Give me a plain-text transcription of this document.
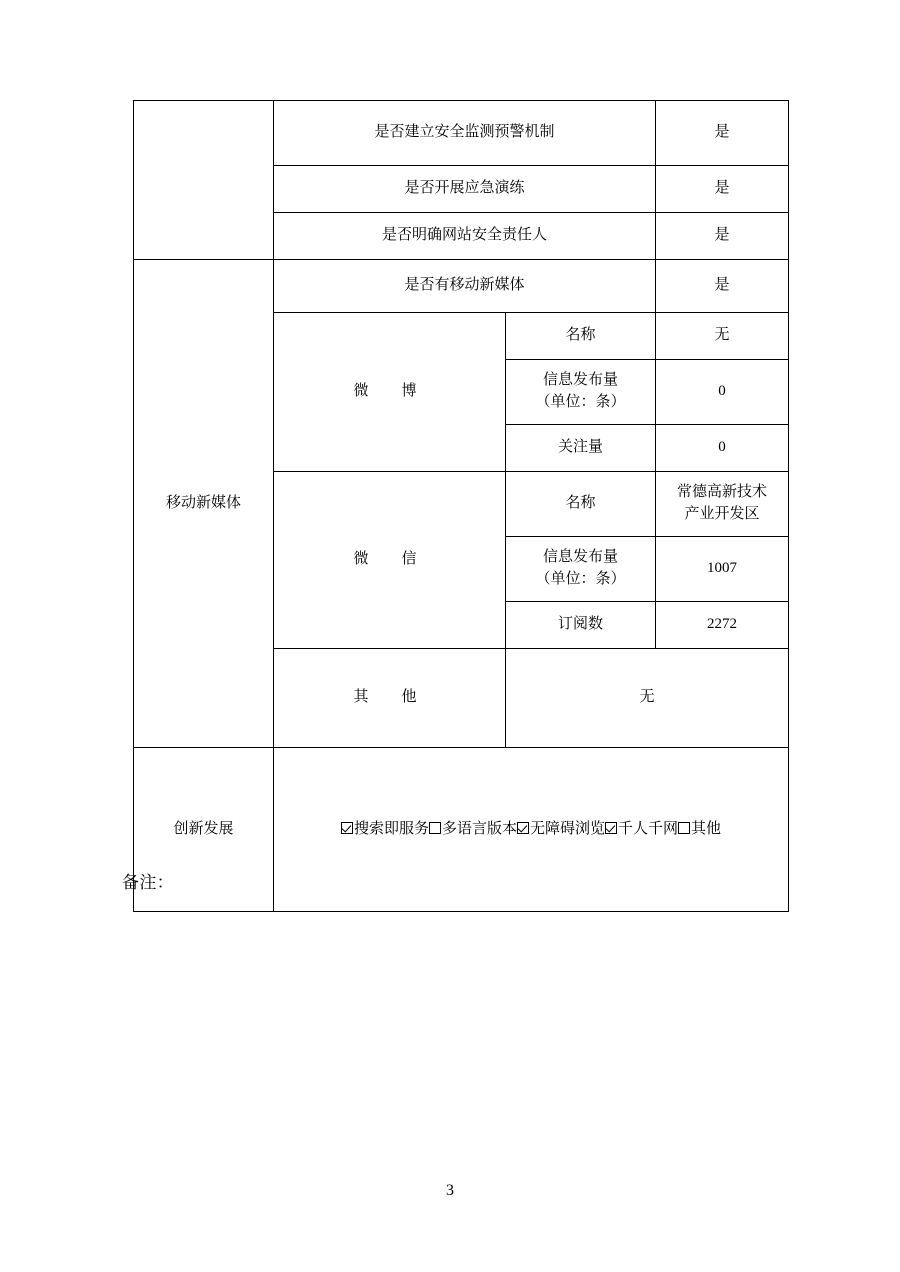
	是否建立安全监测预警机制		是
	是否开展应急演练		是
	是否明确网站安全责任人		是
移动新媒体	是否有移动新媒体		是
	微　博	名称	无

		信息发布量
（单位：条）	0
		关注量	0
	微　信	名称	常德高新技术
产业开发区

		信息发布量
（单位：条）	1007
		订阅数	2272
	其　他	无	
创新发展	搜索即服务 多语言版本 无障碍浏览 千人千网 其他		
备注：
3
